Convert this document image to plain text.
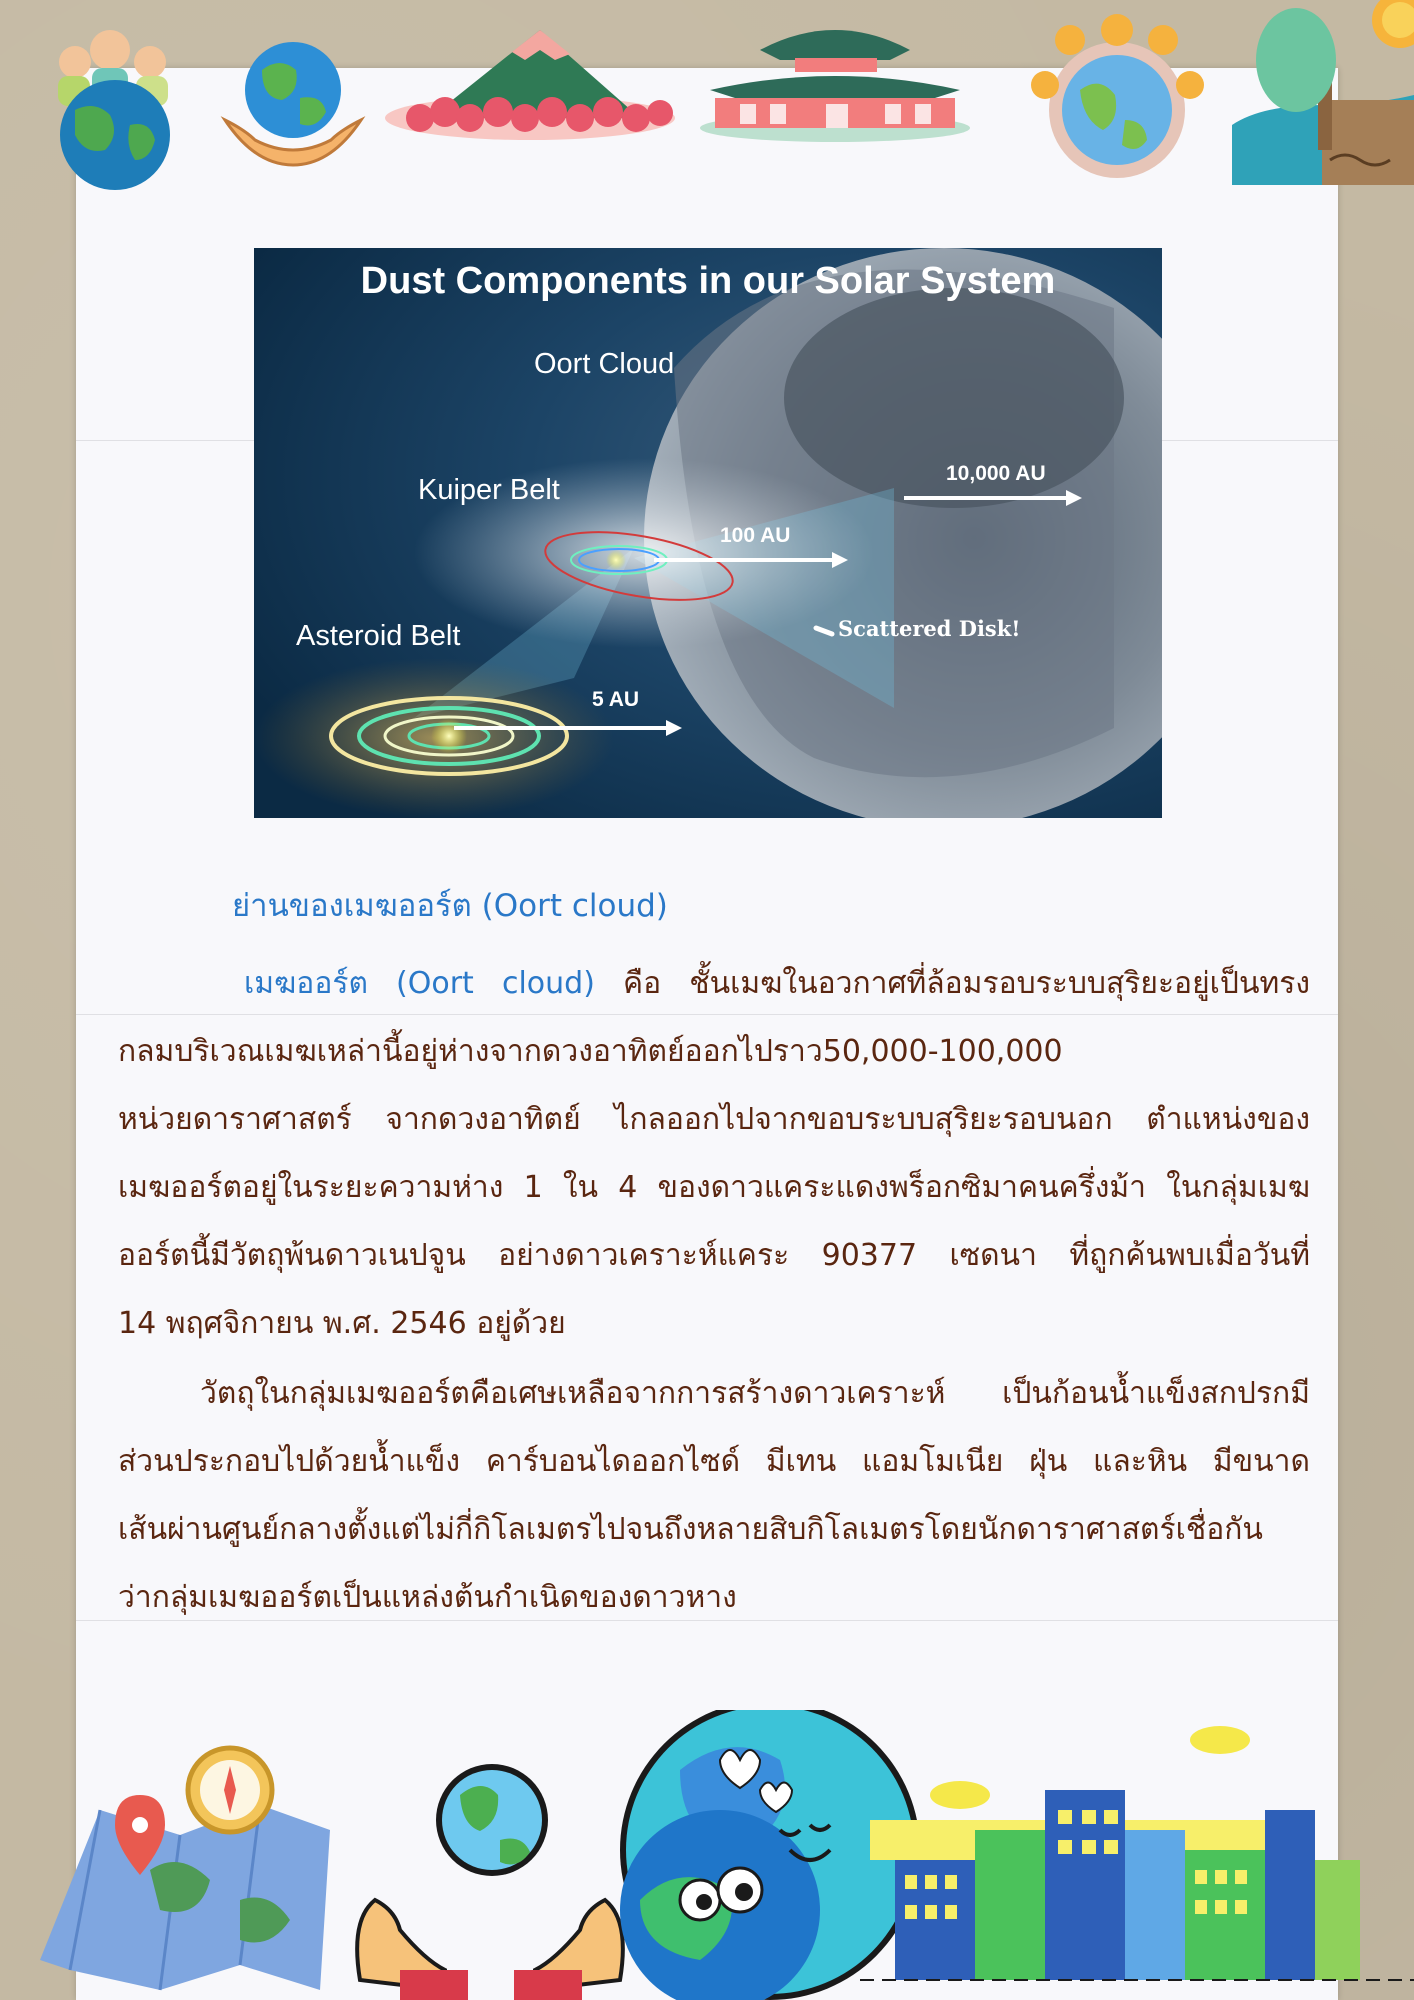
Dust Components in our Solar System
Oort Cloud
Kuiper Belt
Asteroid Belt
10,000 AU
100 AU
5 AU
Scattered Disk!
ย่านของเมฆออร์ต (Oort cloud)
เมฆออร์ต (Oort cloud) คือ ชั้นเมฆในอวกาศที่ล้อมรอบระบบสุริยะอยู่เป็นทรง
กลมบริเวณเมฆเหล่านี้อยู่ห่างจากดวงอาทิตย์ออกไปราว50,000-100,000
หน่วยดาราศาสตร์ จากดวงอาทิตย์ ไกลออกไปจากขอบระบบสุริยะรอบนอก ตำแหน่งของ
เมฆออร์ตอยู่ในระยะความห่าง 1 ใน 4 ของดาวแคระแดงพร็อกซิมาคนครึ่งม้า ในกลุ่มเมฆ
ออร์ตนี้มีวัตถุพ้นดาวเนปจูน อย่างดาวเคราะห์แคระ 90377 เซดนา ที่ถูกค้นพบเมื่อวันที่
14 พฤศจิกายน พ.ศ. 2546 อยู่ด้วย
วัตถุในกลุ่มเมฆออร์ตคือเศษเหลือจากการสร้างดาวเคราะห์ เป็นก้อนน้ำแข็งสกปรกมี
ส่วนประกอบไปด้วยน้ำแข็ง คาร์บอนไดออกไซด์ มีเทน แอมโมเนีย ฝุ่น และหิน มีขนาด
เส้นผ่านศูนย์กลางตั้งแต่ไม่กี่กิโลเมตรไปจนถึงหลายสิบกิโลเมตรโดยนักดาราศาสตร์เชื่อกัน
ว่ากลุ่มเมฆออร์ตเป็นแหล่งต้นกำเนิดของดาวหาง
